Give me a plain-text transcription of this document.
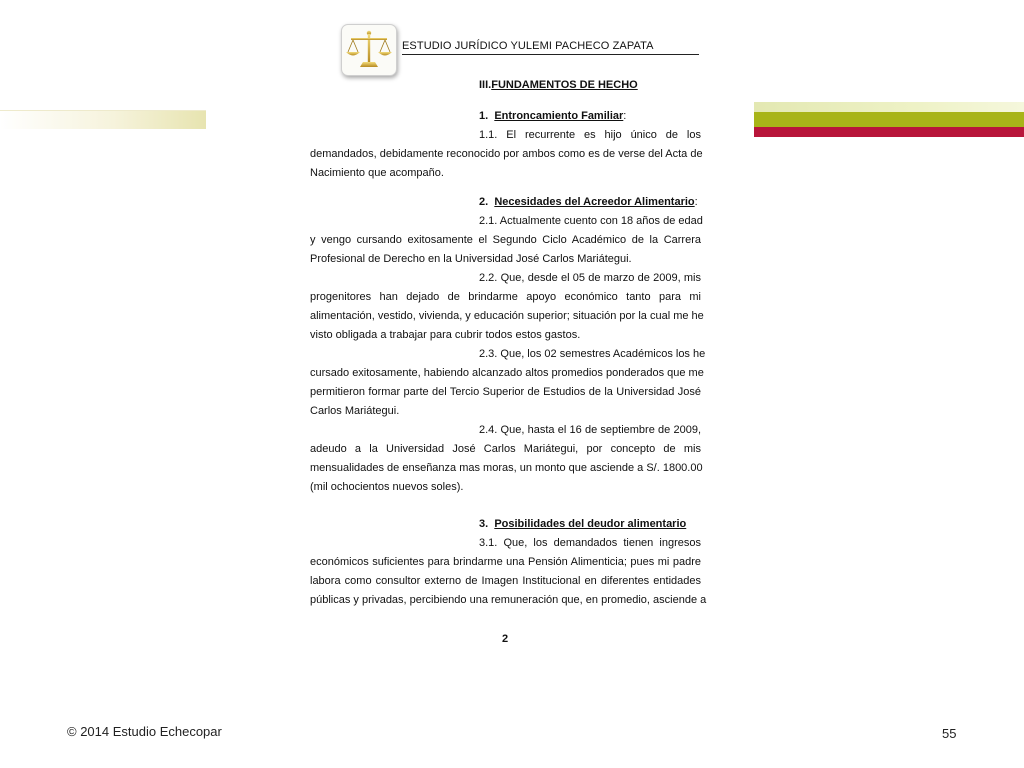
ESTUDIO JURÍDICO YULEMI PACHECO ZAPATA
III.FUNDAMENTOS DE HECHO
1. Entroncamiento Familiar:
1.1. El recurrente es hijo único de los
demandados, debidamente reconocido por ambos como es de verse del Acta de
Nacimiento que acompaño.
2. Necesidades del Acreedor Alimentario:
2.1. Actualmente cuento con 18 años de edad
y vengo cursando exitosamente el Segundo Ciclo Académico de la Carrera
Profesional de Derecho en la Universidad José Carlos Mariátegui.
2.2. Que, desde el 05 de marzo de 2009, mis
progenitores han dejado de brindarme apoyo económico tanto para mi
alimentación, vestido, vivienda, y educación superior; situación por la cual me he
visto obligada a trabajar para cubrir todos estos gastos.
2.3. Que, los 02 semestres Académicos los he
cursado exitosamente, habiendo alcanzado altos promedios ponderados que me
permitieron formar parte del Tercio Superior de Estudios de la Universidad José
Carlos Mariátegui.
2.4. Que, hasta el 16 de septiembre de 2009,
adeudo a la Universidad José Carlos Mariátegui, por concepto de mis
mensualidades de enseñanza mas moras, un monto que asciende a S/. 1800.00
(mil ochocientos nuevos soles).
3. Posibilidades del deudor alimentario
3.1. Que, los demandados tienen ingresos
económicos suficientes para brindarme una Pensión Alimenticia; pues mi padre
labora como consultor externo de Imagen Institucional en diferentes entidades
públicas y privadas, percibiendo una remuneración que, en promedio, asciende a
2
© 2014 Estudio Echecopar	55
